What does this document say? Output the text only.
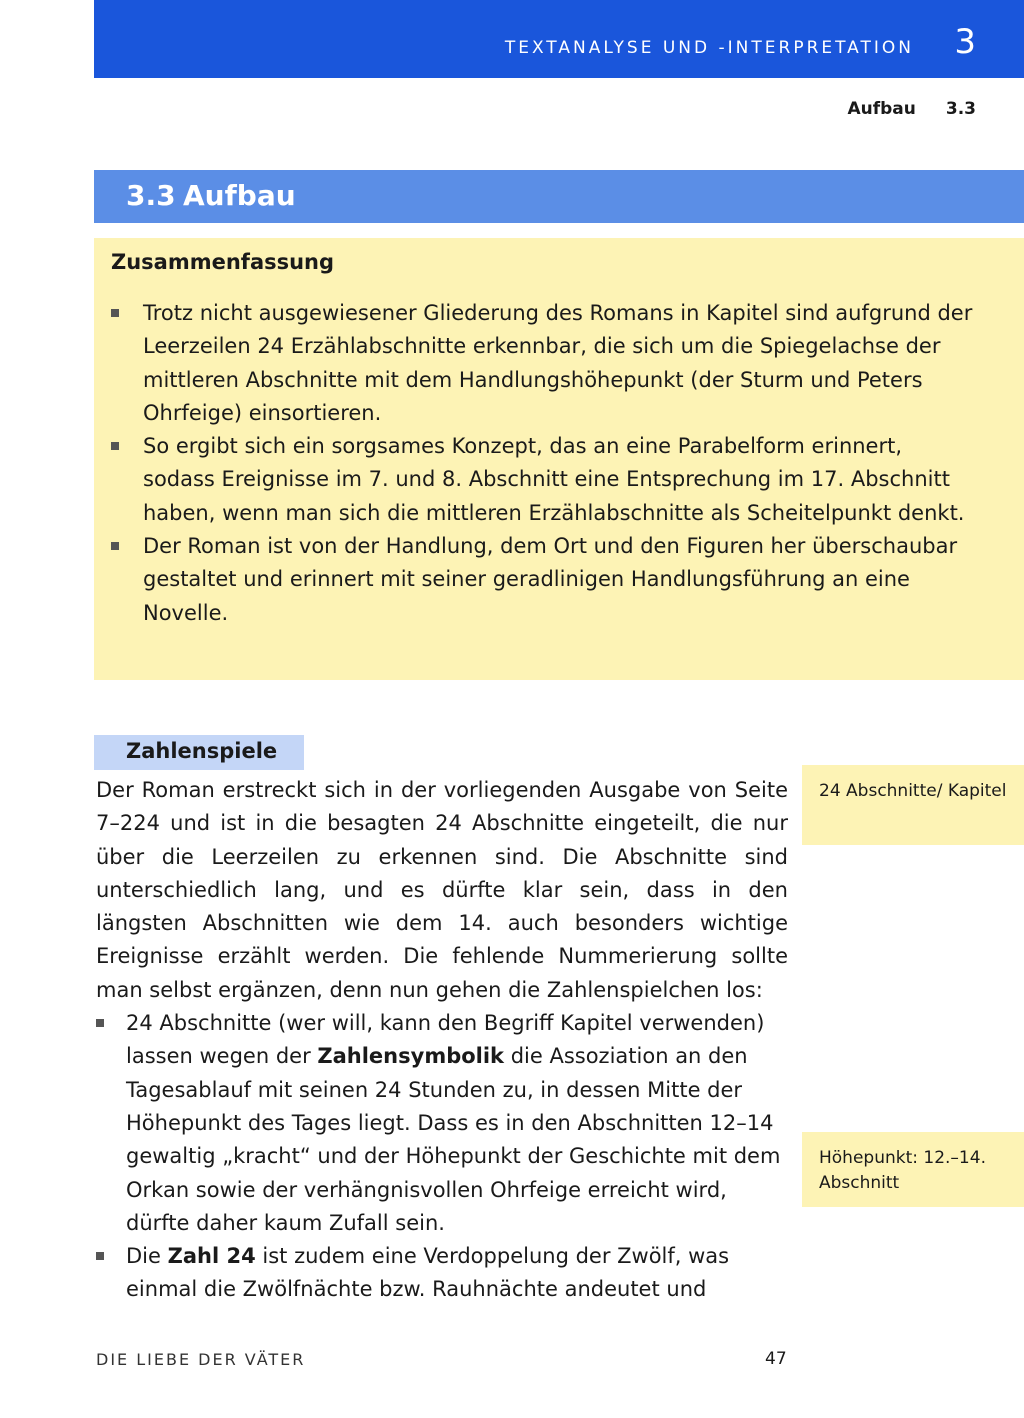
TEXTANALYSE UND -INTERPRETATION 3
Aufbau 3.3
3.3 Aufbau
Zusammenfassung
Trotz nicht ausgewiesener Gliederung des Romans in Kapitel sind aufgrund der Leerzeilen 24 Erzählabschnitte erkennbar, die sich um die Spiegelachse der mittleren Abschnitte mit dem Handlungshöhepunkt (der Sturm und Peters Ohrfeige) einsortieren.
So ergibt sich ein sorgsames Konzept, das an eine Parabelform erinnert, sodass Ereignisse im 7. und 8. Abschnitt eine Entsprechung im 17. Abschnitt haben, wenn man sich die mittleren Erzählabschnitte als Scheitelpunkt denkt.
Der Roman ist von der Handlung, dem Ort und den Figuren her überschaubar gestaltet und erinnert mit seiner geradlinigen Handlungsführung an eine Novelle.
Zahlenspiele

Der Roman erstreckt sich in der vorliegenden Ausgabe von Seite 7–224 und ist in die besagten 24 Abschnitte eingeteilt, die nur über die Leerzeilen zu erkennen sind. Die Abschnitte sind unterschiedlich lang, und es dürfte klar sein, dass in den längsten Abschnitten wie dem 14. auch besonders wichtige Ereignisse erzählt werden. Die fehlende Nummerierung sollte man selbst ergänzen, denn nun gehen die Zahlenspielchen los:

24 Abschnitte (wer will, kann den Begriff Kapitel verwenden) lassen wegen der Zahlensymbolik die Assoziation an den Tagesablauf mit seinen 24 Stunden zu, in dessen Mitte der Höhepunkt des Tages liegt. Dass es in den Abschnitten 12–14 gewaltig „kracht“ und der Höhepunkt der Geschichte mit dem Orkan sowie der verhängnisvollen Ohrfeige erreicht wird, dürfte daher kaum Zufall sein.
Die Zahl 24 ist zudem eine Verdoppelung der Zwölf, was einmal die Zwölfnächte bzw. Rauhnächte andeutet und
24 Abschnitte/ Kapitel
Höhepunkt: 12.–14. Abschnitt
DIE LIEBE DER VÄTER	47
